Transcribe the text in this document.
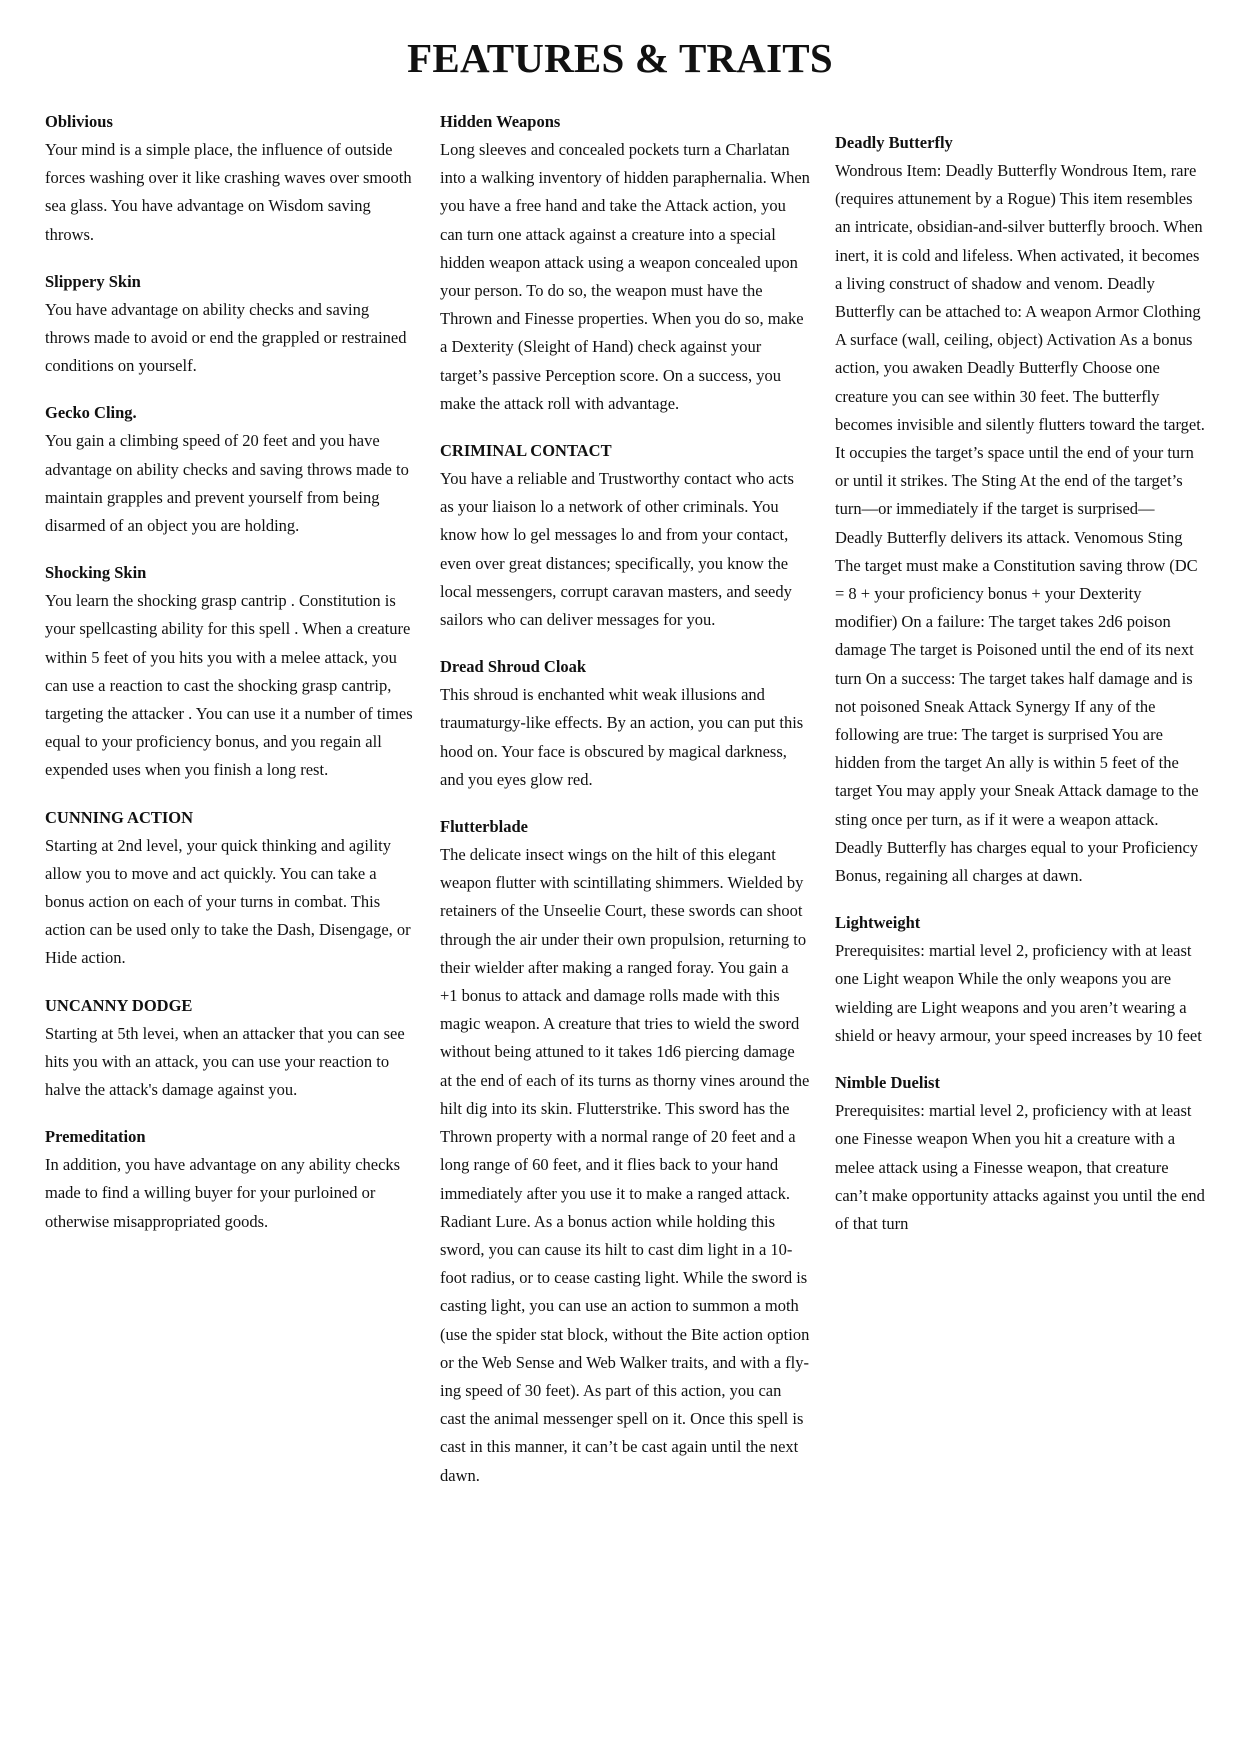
FEATURES & TRAITS
Oblivious
Your mind is a simple place, the influence of outside forces washing over it like crashing waves over smooth sea glass. You have advantage on Wisdom saving throws.
Slippery Skin
You have advantage on ability checks and saving throws made to avoid or end the grappled or restrained conditions on yourself.
Gecko Cling.
You gain a climbing speed of 20 feet and you have advantage on ability checks and saving throws made to maintain grapples and prevent yourself from being disarmed of an object you are holding.
Shocking Skin
You learn the shocking grasp cantrip . Constitution is your spellcasting ability for this spell . When a creature within 5 feet of you hits you with a melee attack, you can use a reaction to cast the shocking grasp cantrip, targeting the attacker . You can use it a number of times equal to your proficiency bonus, and you regain all expended uses when you finish a long rest.
CUNNING ACTION
Starting at 2nd level, your quick thinking and agility allow you to move and act quickly. You can take a bonus action on each of your turns in combat. This action can be used only to take the Dash, Disengage, or Hide action.
UNCANNY DODGE
Starting at 5th levei, when an attacker that you can see hits you with an attack, you can use your reaction to halve the attack's damage against you.
Premeditation
In addition, you have advantage on any ability checks made to find a willing buyer for your purloined or otherwise misappropriated goods.
Hidden Weapons
Long sleeves and concealed pockets turn a Charlatan into a walking inventory of hidden paraphernalia. When you have a free hand and take the Attack action, you can turn one attack against a creature into a special hidden weapon attack using a weapon concealed upon your person. To do so, the weapon must have the Thrown and Finesse properties. When you do so, make a Dexterity (Sleight of Hand) check against your target’s passive Perception score. On a success, you make the attack roll with advantage.
CRIMINAL CONTACT
You have a reliable and Trustworthy contact who acts as your liaison lo a network of other criminals. You know how lo gel messages lo and from your contact, even over great distances; specifically, you know the local messengers, corrupt caravan masters, and seedy sailors who can deliver messages for you.
Dread Shroud Cloak
This shroud is enchanted whit weak illusions and traumaturgy-like effects. By an action, you can put this hood on. Your face is obscured by magical darkness, and you eyes glow red.
Flutterblade
The delicate insect wings on the hilt of this elegant weapon flutter with scintillating shimmers. Wielded by retainers of the Unseelie Court, these swords can shoot through the air under their own propulsion, returning to their wielder after making a ranged foray. You gain a +1 bonus to attack and damage rolls made with this magic weapon. A creature that tries to wield the sword without being attuned to it takes 1d6 piercing damage at the end of each of its turns as thorny vines around the hilt dig into its skin. Flutterstrike. This sword has the Thrown property with a normal range of 20 feet and a long range of 60 feet, and it flies back to your hand immediately after you use it to make a ranged attack. Radiant Lure. As a bonus action while holding this sword, you can cause its hilt to cast dim light in a 10- foot radius, or to cease casting light. While the sword is casting light, you can use an action to summon a moth (use the spider stat block, without the Bite action option or the Web Sense and Web Walker traits, and with a fly- ing speed of 30 feet). As part of this action, you can cast the animal messenger spell on it. Once this spell is cast in this manner, it can’t be cast again until the next dawn.
Deadly Butterfly
Wondrous Item: Deadly Butterfly Wondrous Item, rare (requires attunement by a Rogue) This item resembles an intricate, obsidian-and-silver butterfly brooch. When inert, it is cold and lifeless. When activated, it becomes a living construct of shadow and venom. Deadly Butterfly can be attached to: A weapon Armor Clothing A surface (wall, ceiling, object) Activation As a bonus action, you awaken Deadly Butterfly Choose one creature you can see within 30 feet. The butterfly becomes invisible and silently flutters toward the target. It occupies the target’s space until the end of your turn or until it strikes. The Sting At the end of the target’s turn—or immediately if the target is surprised— Deadly Butterfly delivers its attack. Venomous Sting The target must make a Constitution saving throw (DC = 8 + your proficiency bonus + your Dexterity modifier) On a failure: The target takes 2d6 poison damage The target is Poisoned until the end of its next turn On a success: The target takes half damage and is not poisoned Sneak Attack Synergy If any of the following are true: The target is surprised You are hidden from the target An ally is within 5 feet of the target You may apply your Sneak Attack damage to the sting once per turn, as if it were a weapon attack. Deadly Butterfly has charges equal to your Proficiency Bonus, regaining all charges at dawn.
Lightweight
Prerequisites: martial level 2, proficiency with at least one Light weapon While the only weapons you are wielding are Light weapons and you aren’t wearing a shield or heavy armour, your speed increases by 10 feet
Nimble Duelist
Prerequisites: martial level 2, proficiency with at least one Finesse weapon When you hit a creature with a melee attack using a Finesse weapon, that creature can’t make opportunity attacks against you until the end of that turn
